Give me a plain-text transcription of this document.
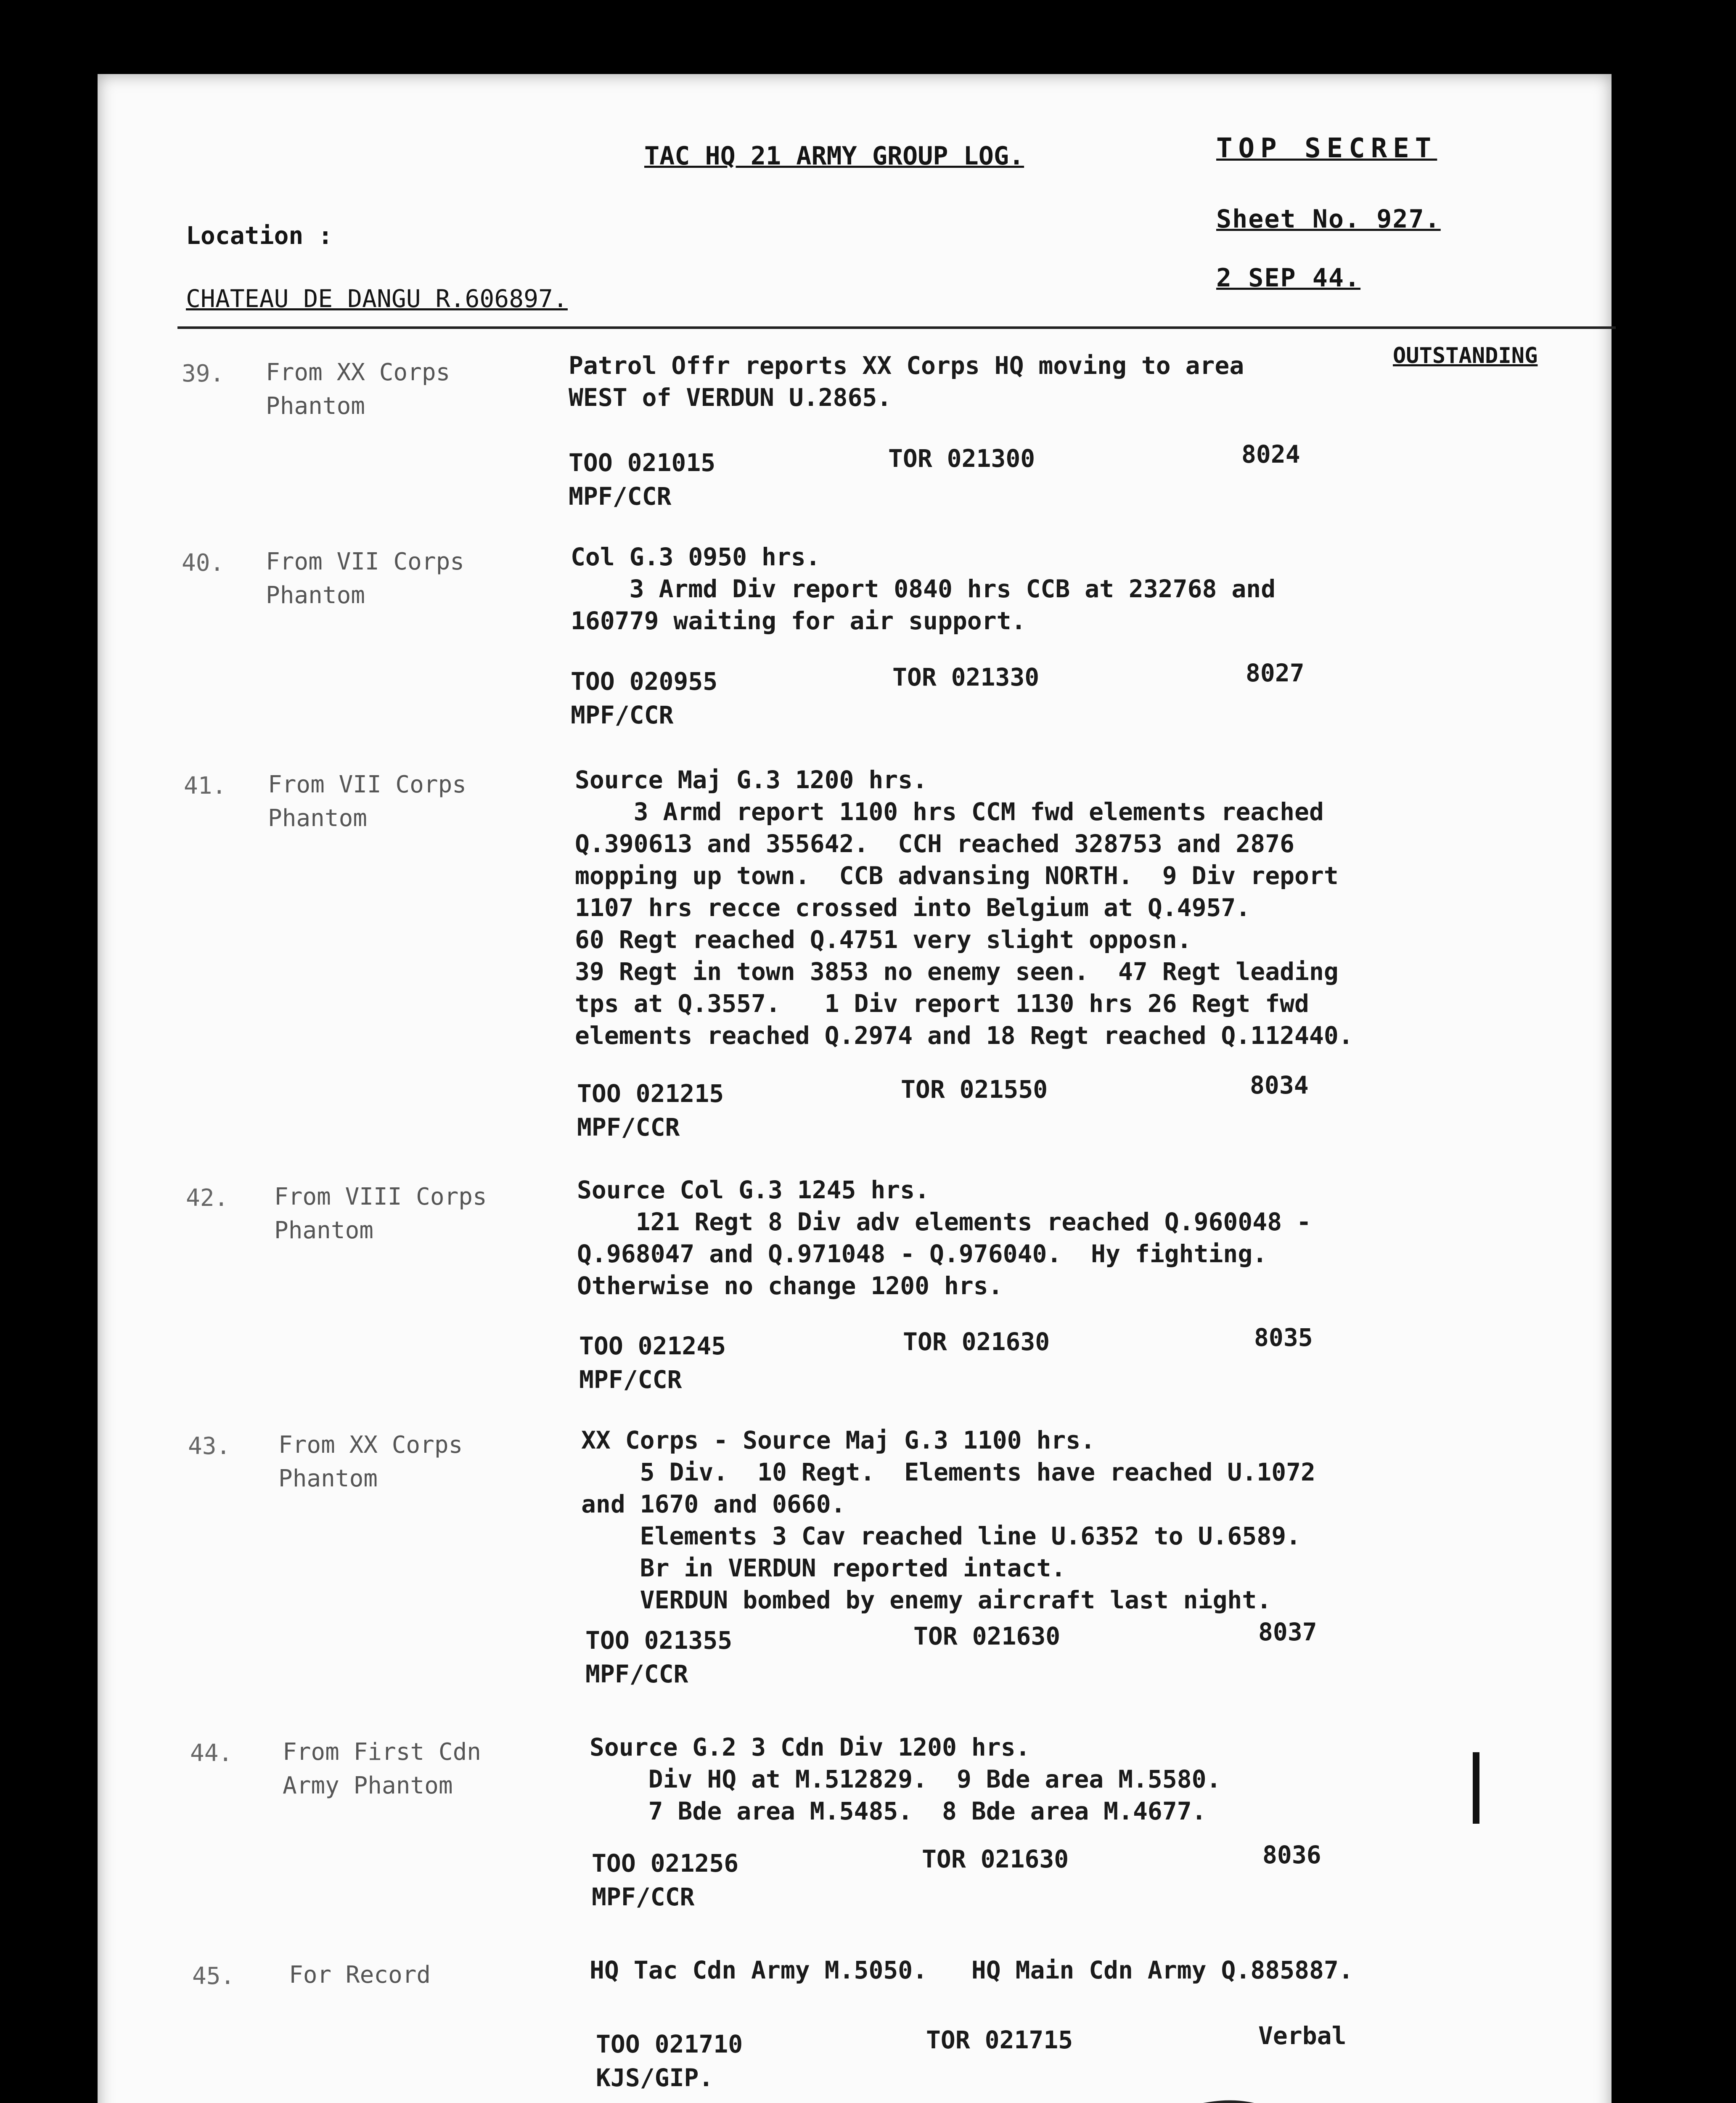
TAC HQ 21 ARMY GROUP LOG.	TOP SECRET
Sheet No. 927.
2 SEP 44.
Location :
CHATEAU DE DANGU R.606897.
OUTSTANDING
39. From XX Corps
Phantom
Patrol Offr reports XX Corps HQ moving to area
WEST of VERDUN U.2865.
TOO 021015	TOR 021300	8024
MPF/CCR
40. From VII Corps
Phantom
Col G.3 0950 hrs.
3 Armd Div report 0840 hrs CCB at 232768 and
160779 waiting for air support.
TOO 020955	TOR 021330	8027
MPF/CCR
41. From VII Corps
Phantom
Source Maj G.3 1200 hrs.
3 Armd report 1100 hrs CCM fwd elements reached
Q.390613 and 355642.  CCH reached 328753 and 2876
mopping up town.  CCB advansing NORTH.  9 Div report
1107 hrs recce crossed into Belgium at Q.4957.
60 Regt reached Q.4751 very slight opposn.
39 Regt in town 3853 no enemy seen.  47 Regt leading
tps at Q.3557.   1 Div report 1130 hrs 26 Regt fwd
elements reached Q.2974 and 18 Regt reached Q.112440.
TOO 021215	TOR 021550	8034
MPF/CCR
42. From VIII Corps
Phantom
Source Col G.3 1245 hrs.
121 Regt 8 Div adv elements reached Q.960048 -
Q.968047 and Q.971048 - Q.976040.  Hy fighting.
Otherwise no change 1200 hrs.
TOO 021245	TOR 021630	8035
MPF/CCR
43. From XX Corps
Phantom
XX Corps - Source Maj G.3 1100 hrs.
5 Div.  10 Regt.  Elements have reached U.1072
and 1670 and 0660.
Elements 3 Cav reached line U.6352 to U.6589.
Br in VERDUN reported intact.
VERDUN bombed by enemy aircraft last night.
TOO 021355	TOR 021630	8037
MPF/CCR
44. From First Cdn
Army Phantom
Source G.2 3 Cdn Div 1200 hrs.
Div HQ at M.512829.  9 Bde area M.5580.
7 Bde area M.5485.  8 Bde area M.4677.
TOO 021256	TOR 021630	8036
MPF/CCR
45. For Record	HQ Tac Cdn Army M.5050.   HQ Main Cdn Army Q.885887.
TOO 021710	TOR 021715	Verbal
KJS/GIP.
